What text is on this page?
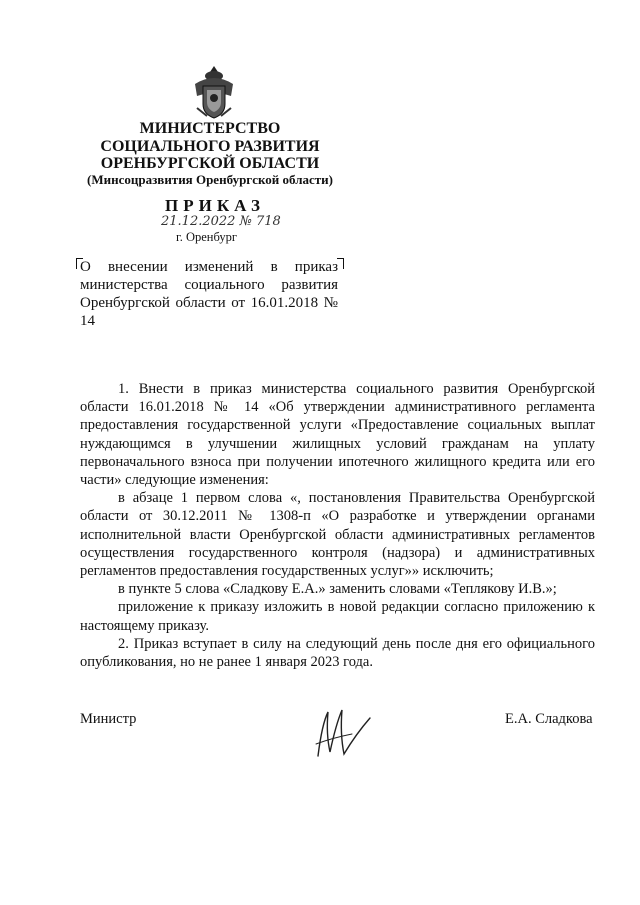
МИНИСТЕРСТВО
СОЦИАЛЬНОГО РАЗВИТИЯ
ОРЕНБУРГСКОЙ ОБЛАСТИ
(Минсоцразвития Оренбургской области)
ПРИКАЗ
21.12.2022 № 718
г. Оренбург
О внесении изменений в приказ министерства социального развития Оренбургской области от 16.01.2018 № 14

1. Внести в приказ министерства социального развития Оренбургской области 16.01.2018 № 14 «Об утверждении административного регламента предоставления государственной услуги «Предоставление социальных выплат нуждающимся в улучшении жилищных условий гражданам на уплату первоначального взноса при получении ипотечного жилищного кредита или его части» следующие изменения:

в абзаце 1 первом слова «, постановления Правительства Оренбургской области от 30.12.2011 № 1308-п «О разработке и утверждении органами исполнительной власти Оренбургской области административных регламентов осуществления государственного контроля (надзора) и административных регламентов предоставления государственных услуг»» исключить;

в пункте 5 слова «Сладкову Е.А.» заменить словами «Теплякову И.В.»;

приложение к приказу изложить в новой редакции согласно приложению к настоящему приказу.

2. Приказ вступает в силу на следующий день после дня его официального опубликования, но не ранее 1 января 2023 года.

Министр	Е.А. Сладкова
